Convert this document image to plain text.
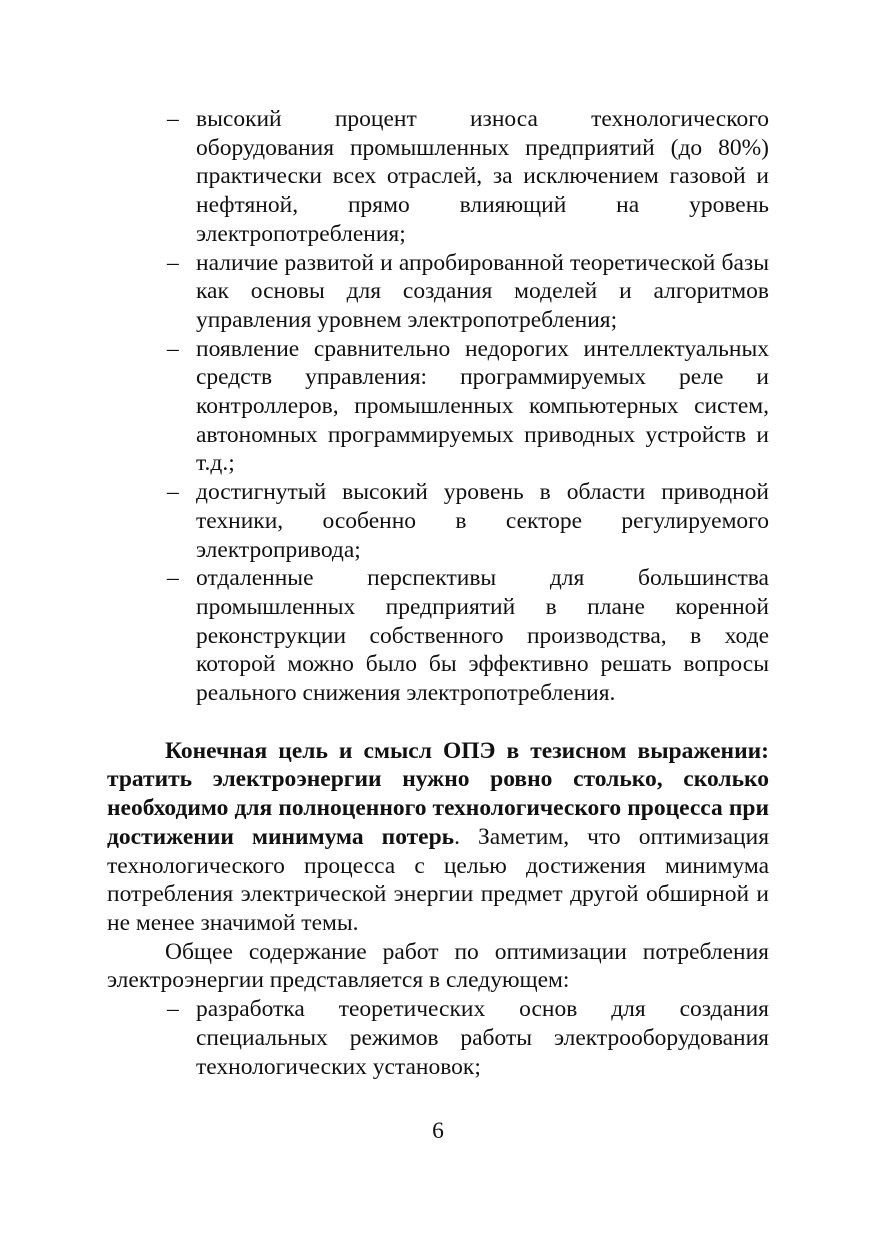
– высокий процент износа технологического оборудования промышленных предприятий (до 80%) практически всех отраслей, за исключением газовой и нефтяной, прямо влияющий на уровень электропотребления;
– наличие развитой и апробированной теоретической базы как основы для создания моделей и алгоритмов управления уровнем электропотребления;
– появление сравнительно недорогих интеллектуальных средств управления: программируемых реле и контроллеров, промышленных компьютерных систем, автономных программируемых приводных устройств и т.д.;
– достигнутый высокий уровень в области приводной техники, особенно в секторе регулируемого электропривода;
– отдаленные перспективы для большинства промышленных предприятий в плане коренной реконструкции собственного производства, в ходе которой можно было бы эффективно решать вопросы реального снижения электропотребления.

Конечная цель и смысл ОПЭ в тезисном выражении: тратить электроэнергии нужно ровно столько, сколько необходимо для полноценного технологического процесса при достижении минимума потерь. Заметим, что оптимизация технологического процесса с целью достижения минимума потребления электрической энергии предмет другой обширной и не менее значимой темы.

Общее содержание работ по оптимизации потребления электроэнергии представляется в следующем:

– разработка теоретических основ для создания специальных режимов работы электрооборудования технологических установок;
6
